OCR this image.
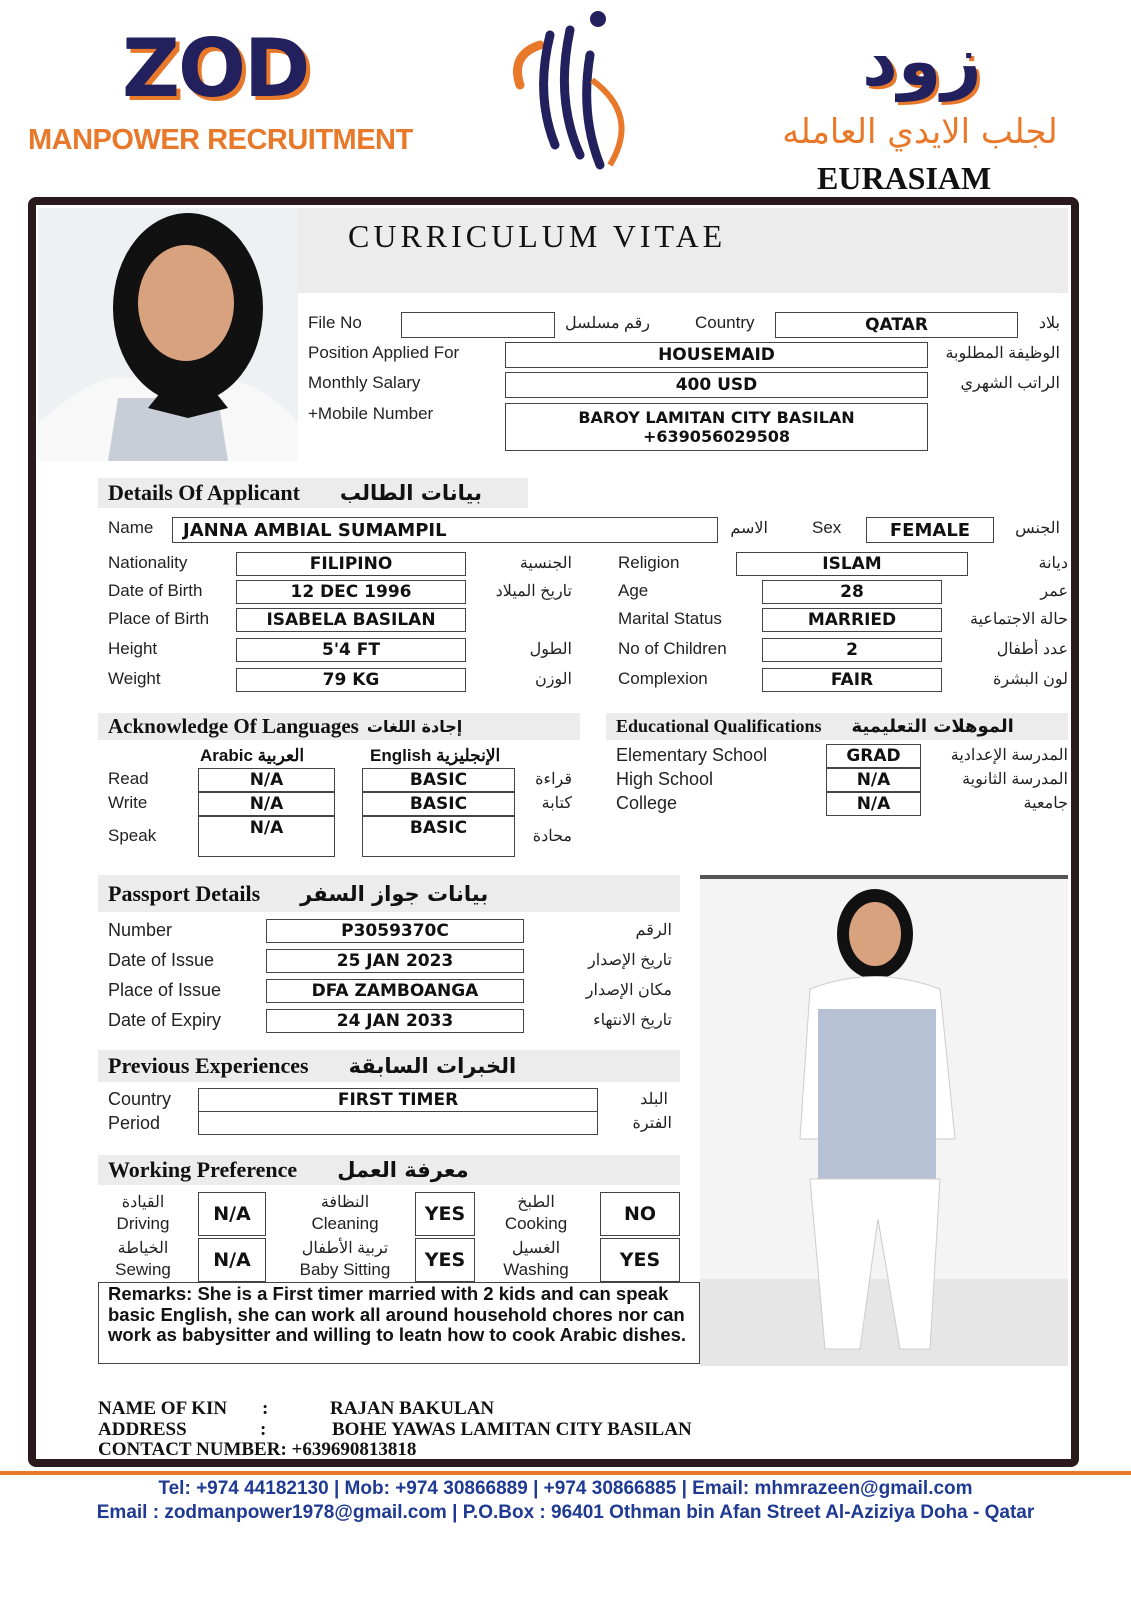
ZOD
MANPOWER RECRUITMENT
زود
لجلب الايدي العامله
EURASIAM
CURRICULUM VITAE
File No	رقم مسلسل	Country	QATAR	بلاد
Position Applied For	HOUSEMAID	الوظيفة المطلوبة
Monthly Salary	400 USD	الراتب الشهري
+Mobile Number	BAROY LAMITAN CITY BASILAN
+639056029508
Details Of Applicant بيانات الطالب
Name	JANNA AMBIAL SUMAMPIL	الاسم	Sex	FEMALE	الجنس
Acknowledge Of Languages إجادة اللغات
Arabic العربية	English الإنجليزية
Educational Qualifications الموهلات التعليمية
Passport Details بيانات جواز السفر
Previous Experiences الخبرات السابقة
Country	FIRST TIMER	البلد
Period	الفترة
Working Preference معرفة العمل
Remarks: She is a First timer married with 2 kids and can speak basic English, she can work all around household chores nor can work as babysitter and willing to leatn how to cook Arabic dishes.
NAME OF KIN :	RAJAN BAKULAN
ADDRESS	:	BOHE YAWAS LAMITAN CITY BASILAN
CONTACT NUMBER: +639690813818
Tel: +974 44182130 | Mob: +974 30866889 | +974 30866885 | Email: mhmrazeen@gmail.com
Email : zodmanpower1978@gmail.com | P.O.Box : 96401 Othman bin Afan Street Al-Aziziya Doha - Qatar
Nationality	FILIPINO	الجنسية	Religion	ISLAM	ديانة
Date of Birth	12 DEC 1996	تاريخ الميلاد	Age	28	عمر
Place of Birth	ISABELA BASILAN	Marital Status	MARRIED	حالة الاجتماعية
Height	5'4 FT	الطول	No of Children	2	عدد أطفال
Weight	79 KG	الوزن	Complexion	FAIR	لون البشرة
Read	N/A	BASIC	قراءة
Write	N/A	BASIC	كتابة
Speak	N/A	BASIC	محادة
Elementary School	GRAD	المدرسة الإعدادية
High School	N/A	المدرسة الثانوية
College	N/A	جامعية
Number	P3059370C	الرقم
Date of Issue	25 JAN 2023	تاريخ الإصدار
Place of Issue	DFA ZAMBOANGA	مكان الإصدار
Date of Expiry	24 JAN 2033	تاريخ الانتهاء
القيادة
Driving	N/A
النظافة
Cleaning	YES
الطبخ
Cooking	NO
الخياطة
Sewing	N/A
تربية الأطفال
Baby Sitting	YES
الغسيل
Washing	YES
